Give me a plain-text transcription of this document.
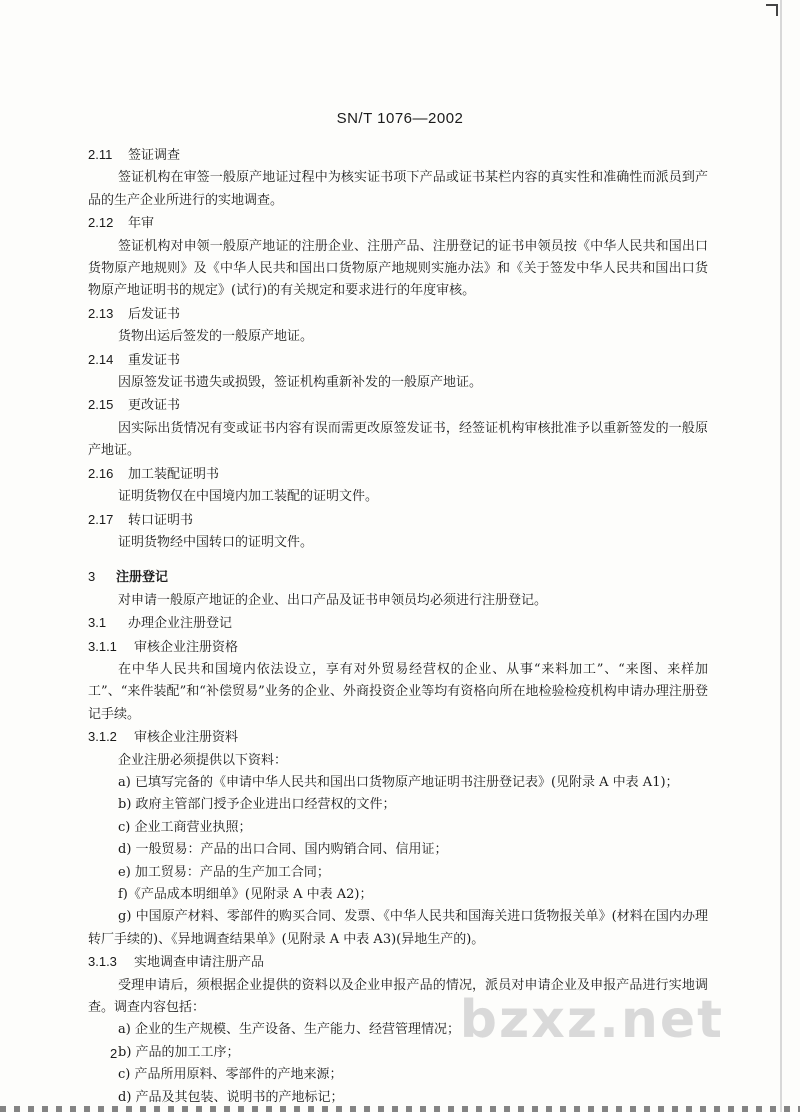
SN/T 1076—2002

2.11 签证调查

签证机构在审签一般原产地证过程中为核实证书项下产品或证书某栏内容的真实性和准确性而派员到产品的生产企业所进行的实地调查。

2.12 年审

签证机构对申领一般原产地证的注册企业、注册产品、注册登记的证书申领员按《中华人民共和国出口货物原产地规则》及《中华人民共和国出口货物原产地规则实施办法》和《关于签发中华人民共和国出口货物原产地证明书的规定》(试行)的有关规定和要求进行的年度审核。

2.13 后发证书

货物出运后签发的一般原产地证。

2.14 重发证书

因原签发证书遗失或损毁，签证机构重新补发的一般原产地证。

2.15 更改证书

因实际出货情况有变或证书内容有误而需更改原签发证书，经签证机构审核批准予以重新签发的一般原产地证。

2.16 加工装配证明书

证明货物仅在中国境内加工装配的证明文件。

2.17 转口证明书

证明货物经中国转口的证明文件。

3 注册登记

对申请一般原产地证的企业、出口产品及证书申领员均必须进行注册登记。

3.1 办理企业注册登记

3.1.1 审核企业注册资格

在中华人民共和国境内依法设立，享有对外贸易经营权的企业、从事“来料加工”、“来图、来样加工”、“来件装配”和“补偿贸易”业务的企业、外商投资企业等均有资格向所在地检验检疫机构申请办理注册登记手续。

3.1.2 审核企业注册资料

企业注册必须提供以下资料：

a) 已填写完备的《申请中华人民共和国出口货物原产地证明书注册登记表》(见附录 A 中表 A1)；

b) 政府主管部门授予企业进出口经营权的文件；

c) 企业工商营业执照；

d) 一般贸易：产品的出口合同、国内购销合同、信用证；

e) 加工贸易：产品的生产加工合同；

f)《产品成本明细单》(见附录 A 中表 A2)；

g) 中国原产材料、零部件的购买合同、发票、《中华人民共和国海关进口货物报关单》(材料在国内办理转厂手续的)、《异地调查结果单》(见附录 A 中表 A3)(异地生产的)。

3.1.3 实地调查申请注册产品

受理申请后，须根据企业提供的资料以及企业申报产品的情况，派员对申请企业及申报产品进行实地调查。调查内容包括：

a) 企业的生产规模、生产设备、生产能力、经营管理情况；

b) 产品的加工工序；

c) 产品所用原料、零部件的产地来源；

d) 产品及其包装、说明书的产地标记；

bzxz.net
2
